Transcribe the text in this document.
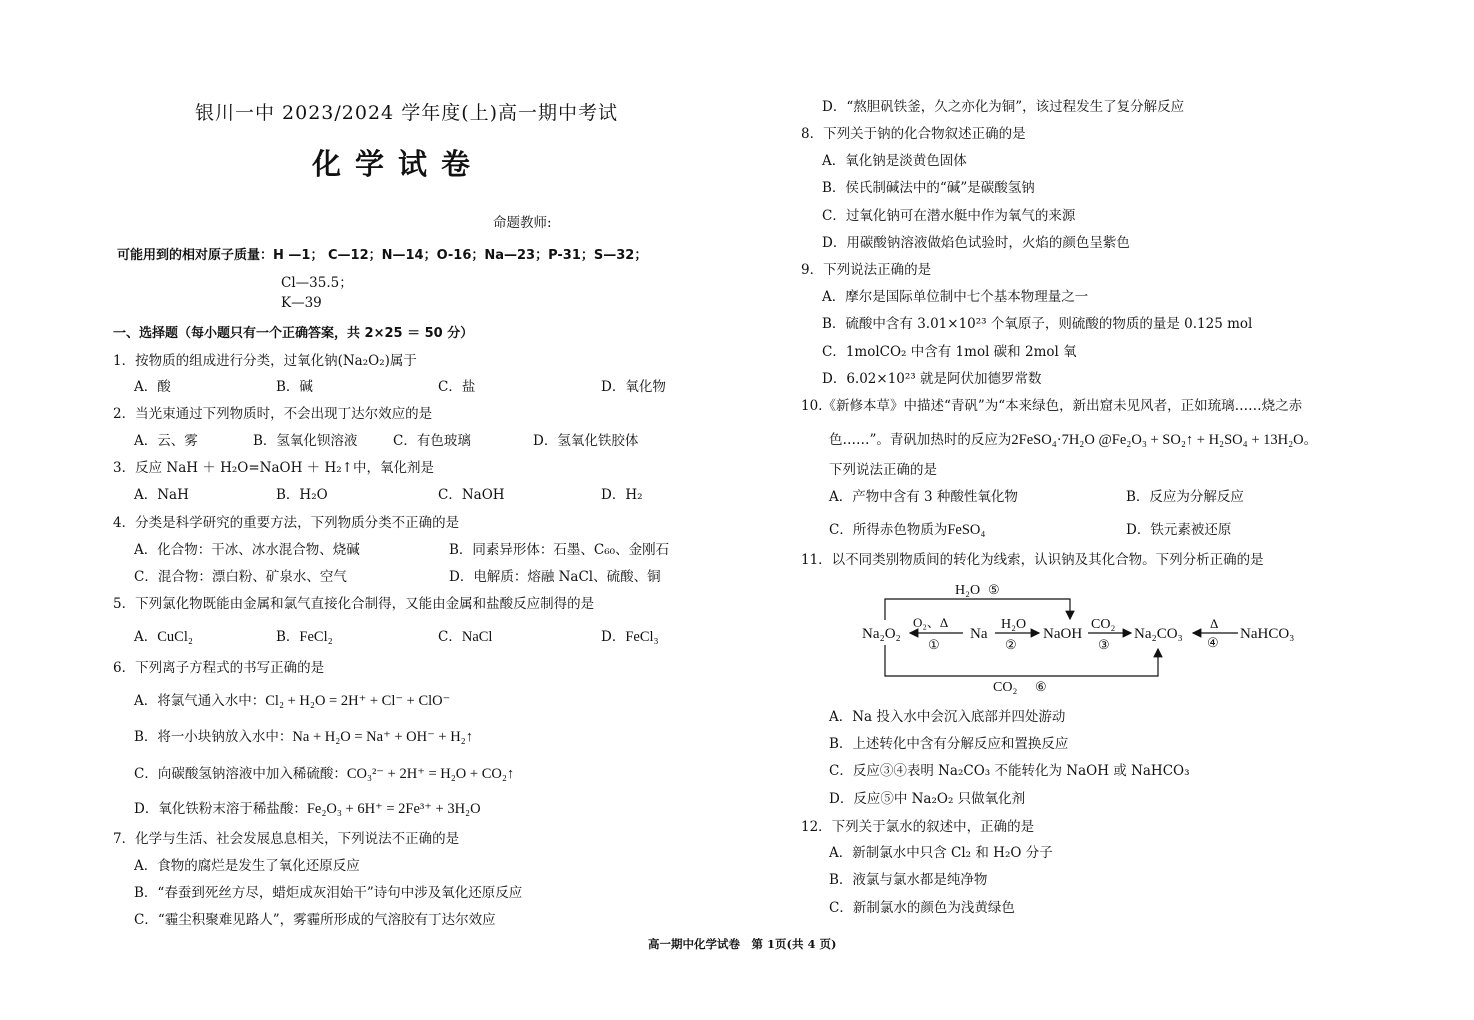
银川一中 2023/2024 学年度(上)高一期中考试
化学试卷
命题教师:
可能用到的相对原子质量：H —1； C—12；N—14；O-16；Na—23；P-31；S—32；
Cl—35.5；
K—39
一、选择题（每小题只有一个正确答案，共 2×25 ＝ 50 分）
1．按物质的组成进行分类，过氧化钠(Na₂O₂)属于
A．酸	B．碱	C．盐	D．氧化物
2．当光束通过下列物质时，不会出现丁达尔效应的是
A．云、雾	B．氢氧化钡溶液	C．有色玻璃	D．氢氧化铁胶体
3．反应 NaH ＋ H₂O=NaOH ＋ H₂↑中，氧化剂是
A．NaH	B．H₂O	C．NaOH	D．H₂
4．分类是科学研究的重要方法，下列物质分类不正确的是
A．化合物：干冰、冰水混合物、烧碱	B．同素异形体：石墨、C₆₀、金刚石
C．混合物：漂白粉、矿泉水、空气	D．电解质：熔融 NaCl、硫酸、铜
5．下列氯化物既能由金属和氯气直接化合制得，又能由金属和盐酸反应制得的是
A．CuCl₂	B．FeCl₂	C．NaCl	D．FeCl₃
6．下列离子方程式的书写正确的是
A．将氯气通入水中：Cl₂ + H₂O = 2H⁺ + Cl⁻ + ClO⁻
B．将一小块钠放入水中：Na + H₂O = Na⁺ + OH⁻ + H₂↑
C．向碳酸氢钠溶液中加入稀硫酸：CO₃²⁻ + 2H⁺ = H₂O + CO₂↑
D．氧化铁粉末溶于稀盐酸：Fe₂O₃ + 6H⁺ = 2Fe³⁺ + 3H₂O
7．化学与生活、社会发展息息相关，下列说法不正确的是
A．食物的腐烂是发生了氧化还原反应
B．“春蚕到死丝方尽，蜡炬成灰泪始干”诗句中涉及氧化还原反应
C．“霾尘积聚难见路人”，雾霾所形成的气溶胶有丁达尔效应
D．“熬胆矾铁釜，久之亦化为铜”，该过程发生了复分解反应
8．下列关于钠的化合物叙述正确的是
A．氧化钠是淡黄色固体
B．侯氏制碱法中的“碱”是碳酸氢钠
C．过氧化钠可在潜水艇中作为氧气的来源
D．用碳酸钠溶液做焰色试验时，火焰的颜色呈紫色
9．下列说法正确的是
A．摩尔是国际单位制中七个基本物理量之一
B．硫酸中含有 3.01×10²³ 个氧原子，则硫酸的物质的量是 0.125 mol
C．1molCO₂ 中含有 1mol 碳和 2mol 氧
D．6.02×10²³ 就是阿伏加德罗常数
10.《新修本草》中描述“青矾”为“本来绿色，新出窟未见风者，正如琉璃……烧之赤
色……”。青矾加热时的反应为2FeSO₄·7H₂O @Fe₂O₃ + SO₂↑ + H₂SO₄ + 13H₂O。
下列说法正确的是
A．产物中含有 3 种酸性氧化物	B．反应为分解反应
C．所得赤色物质为FeSO₄	D．铁元素被还原
11．以不同类别物质间的转化为线索，认识钠及其化合物。下列分析正确的是
Na₂O₂	Na	NaOH	Na₂CO₃	NaHCO₃
O₂、Δ
①
H₂O
②
CO₂
③
Δ
④
H₂O ⑤
CO₂ ⑥
A．Na 投入水中会沉入底部并四处游动
B．上述转化中含有分解反应和置换反应
C．反应③④表明 Na₂CO₃ 不能转化为 NaOH 或 NaHCO₃
D．反应⑤中 Na₂O₂ 只做氧化剂
12．下列关于氯水的叙述中，正确的是
A．新制氯水中只含 Cl₂ 和 H₂O 分子
B．液氯与氯水都是纯净物
C．新制氯水的颜色为浅黄绿色
高一期中化学试卷　第 1页(共 4 页)
